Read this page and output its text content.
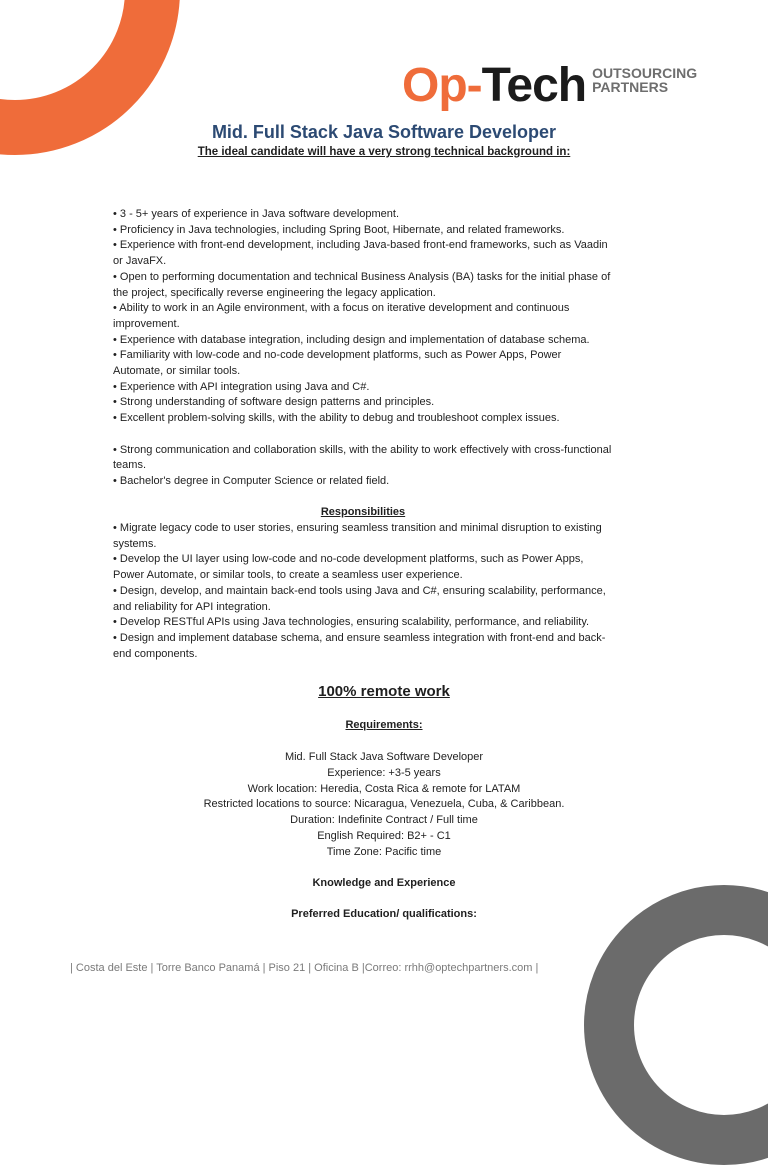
Op-Tech OUTSOURCING
PARTNERS
Mid. Full Stack Java Software Developer
The ideal candidate will have a very strong technical background in:

• 3 - 5+ years of experience in Java software development.

• Proficiency in Java technologies, including Spring Boot, Hibernate, and related frameworks.

• Experience with front-end development, including Java-based front-end frameworks, such as Vaadin or JavaFX.

• Open to performing documentation and technical Business Analysis (BA) tasks for the initial phase of the project, specifically reverse engineering the legacy application.

• Ability to work in an Agile environment, with a focus on iterative development and continuous improvement.

• Experience with database integration, including design and implementation of database schema.

• Familiarity with low-code and no-code development platforms, such as Power Apps, Power Automate, or similar tools.

• Experience with API integration using Java and C#.

• Strong understanding of software design patterns and principles.

• Excellent problem-solving skills, with the ability to debug and troubleshoot complex issues.

• Strong communication and collaboration skills, with the ability to work effectively with cross-functional teams.

• Bachelor's degree in Computer Science or related field.

Responsibilities

• Migrate legacy code to user stories, ensuring seamless transition and minimal disruption to existing systems.

• Develop the UI layer using low-code and no-code development platforms, such as Power Apps, Power Automate, or similar tools, to create a seamless user experience.

• Design, develop, and maintain back-end tools using Java and C#, ensuring scalability, performance, and reliability for API integration.

• Develop RESTful APIs using Java technologies, ensuring scalability, performance, and reliability.

• Design and implement database schema, and ensure seamless integration with front-end and back-end components.

100% remote work
Requirements:

Mid. Full Stack Java Software Developer

Experience: +3-5 years

Work location: Heredia, Costa Rica & remote for LATAM

Restricted locations to source: Nicaragua, Venezuela, Cuba, & Caribbean.

Duration: Indefinite Contract / Full time

English Required: B2+ - C1

Time Zone: Pacific time

Knowledge and Experience
Preferred Education/ qualifications:
| Costa del Este | Torre Banco Panamá | Piso 21 | Oficina B |Correo: rrhh@optechpartners.com |
